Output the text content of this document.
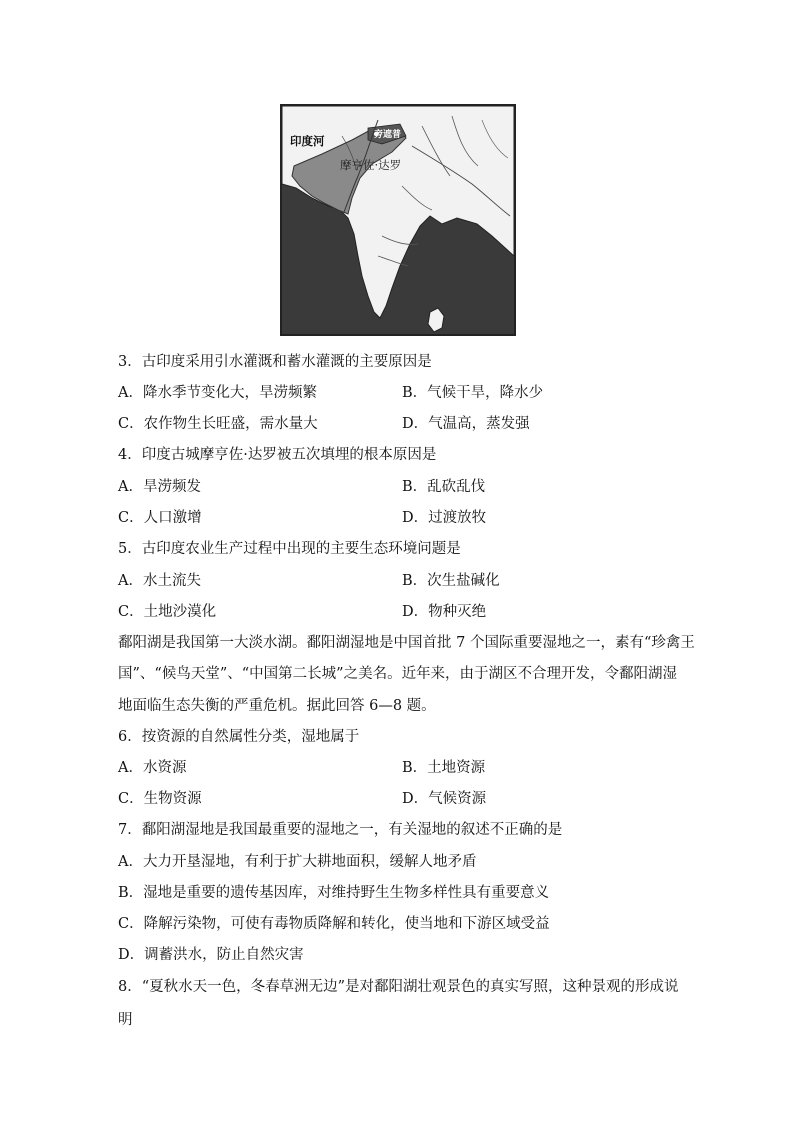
印度河	旁遮普
摩亨佐·达罗
3．古印度采用引水灌溉和蓄水灌溉的主要原因是
A．降水季节变化大，旱涝频繁	B．气候干旱，降水少
C．农作物生长旺盛，需水量大	D．气温高，蒸发强
4．印度古城摩亨佐·达罗被五次填埋的根本原因是
A．旱涝频发	B．乱砍乱伐
C．人口激增	D．过渡放牧
5．古印度农业生产过程中出现的主要生态环境问题是
A．水土流失	B．次生盐碱化
C．土地沙漠化	D．物种灭绝
鄱阳湖是我国第一大淡水湖。鄱阳湖湿地是中国首批 7 个国际重要湿地之一，素有“珍禽王
国”、“候鸟天堂”、“中国第二长城”之美名。近年来，由于湖区不合理开发，令鄱阳湖湿
地面临生态失衡的严重危机。据此回答 6—8 题。
6．按资源的自然属性分类，湿地属于
A．水资源	B．土地资源
C．生物资源	D．气候资源
7．鄱阳湖湿地是我国最重要的湿地之一，有关湿地的叙述不正确的是
A．大力开垦湿地，有利于扩大耕地面积，缓解人地矛盾
B．湿地是重要的遗传基因库，对维持野生生物多样性具有重要意义
C．降解污染物，可使有毒物质降解和转化，使当地和下游区域受益
D．调蓄洪水，防止自然灾害
8．“夏秋水天一色，冬春草洲无边”是对鄱阳湖壮观景色的真实写照，这种景观的形成说
明
